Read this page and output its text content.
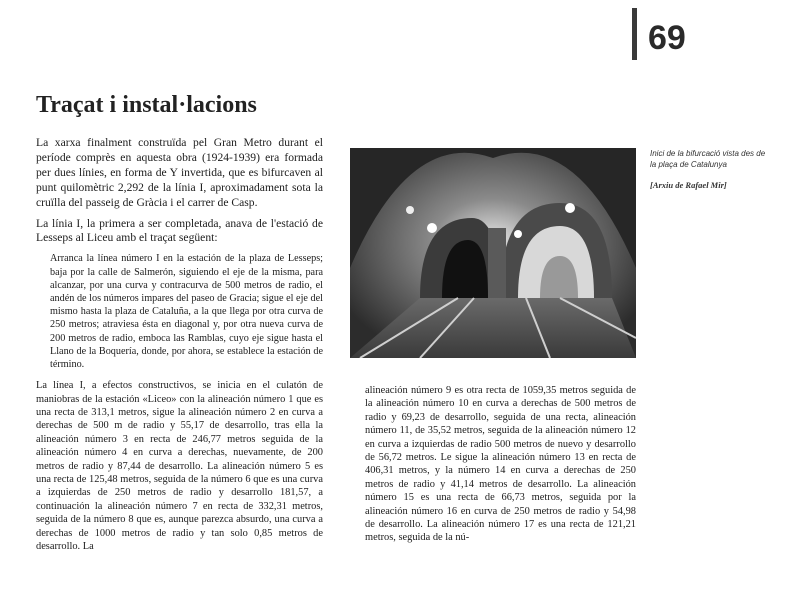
69
Traçat i instal·lacions

La xarxa finalment construïda pel Gran Metro durant el període comprès en aquesta obra (1924-1939) era formada per dues línies, en forma de Y invertida, que es bifurcaven al punt quilomètric 2,292 de la línia I, aproximadament sota la cruïlla del passeig de Gràcia i el carrer de Casp.

La línia I, la primera a ser completada, anava de l'estació de Lesseps al Liceu amb el traçat següent:

Arranca la línea número I en la estación de la plaza de Lesseps; baja por la calle de Salmerón, siguiendo el eje de la misma, para alcanzar, por una curva y contracurva de 500 metros de radio, el andén de los números impares del paseo de Gracia; sigue el eje del mismo hasta la plaza de Cataluña, a la que llega por otra curva de 250 metros; atraviesa ésta en diagonal y, por otra nueva curva de 200 metros de radio, emboca las Ramblas, cuyo eje sigue hasta el Llano de la Boquería, donde, por ahora, se establece la estación de término.

La línea I, a efectos constructivos, se inicia en el culatón de maniobras de la estación «Liceo» con la alineación número 1 que es una recta de 313,1 metros, sigue la alineación número 2 en curva a derechas de 500 m de radio y 55,17 de desarrollo, tras ella la alineación número 3 en recta de 246,77 metros seguida de la alineación número 4 en curva a derechas, nuevamente, de 200 metros de radio y 87,44 de desarrollo. La alineación número 5 es una recta de 125,48 metros, seguida de la número 6 que es una curva a izquierdas de 250 metros de radio y desarrollo 181,57, a continuación la alineación número 7 en recta de 332,31 metros, seguida de la número 8 que es, aunque parezca absurdo, una curva a derechas de 1000 metros de radio y tan solo 0,85 metros de desarrollo. La

Inici de la bifurcació vista des de la plaça de Catalunya
[Arxiu de Rafael Mir]

alineación número 9 es otra recta de 1059,35 metros seguida de la alineación número 10 en curva a derechas de 500 metros de radio y 69,23 de desarrollo, seguida de una recta, alineación número 11, de 35,52 metros, seguida de la alineación número 12 en curva a izquierdas de radio 500 metros de nuevo y desarrollo de 56,72 metros. Le sigue la alineación número 13 en recta de 406,31 metros, y la número 14 en curva a derechas de 250 metros de radio y 41,14 metros de desarrollo. La alineación número 15 es una recta de 66,73 metros, seguida por la alineación número 16 en curva de 250 metros de radio y 54,98 de desarrollo. La alineación número 17 es una recta de 121,21 metros, seguida de la nú-
